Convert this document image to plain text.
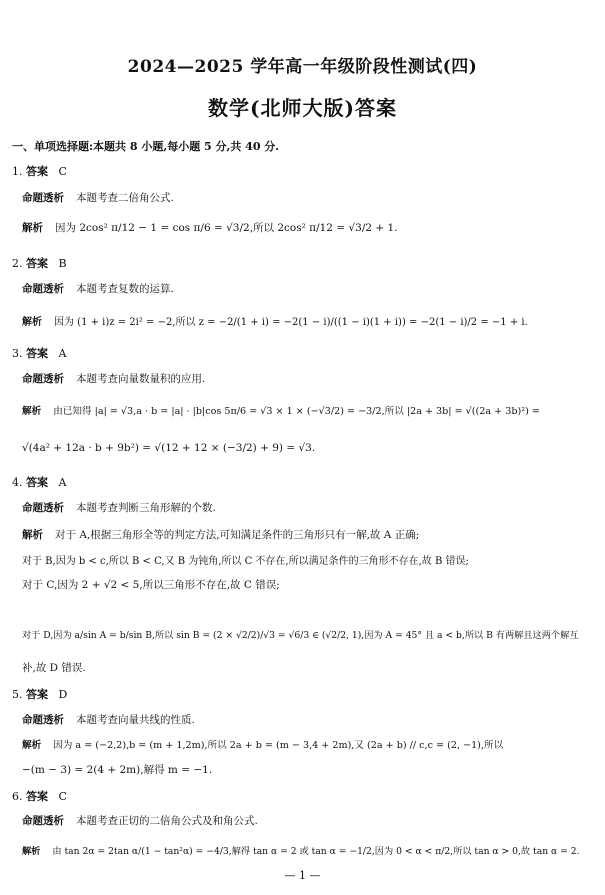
2024—2025 学年高一年级阶段性测试(四)
数学(北师大版)答案
一、单项选择题:本题共 8 小题,每小题 5 分,共 40 分.
1. 答案 C
命题透析 本题考查二倍角公式.
解析 因为 2cos² π/12 − 1 = cos π/6 = √3/2,所以 2cos² π/12 = √3/2 + 1.
2. 答案 B
命题透析 本题考查复数的运算.
解析 因为 (1 + i)z = 2i² = −2,所以 z = −2/(1 + i) = −2(1 − i)/((1 − i)(1 + i)) = −2(1 − i)/2 = −1 + i.
3. 答案 A
命题透析 本题考查向量数量积的应用.
解析 由已知得 |a| = √3,a · b = |a| · |b|cos 5π/6 = √3 × 1 × (−√3/2) = −3/2,所以 |2a + 3b| = √((2a + 3b)²) =
√(4a² + 12a · b + 9b²) = √(12 + 12 × (−3/2) + 9) = √3.
4. 答案 A
命题透析 本题考查判断三角形解的个数.
解析 对于 A,根据三角形全等的判定方法,可知满足条件的三角形只有一解,故 A 正确;
对于 B,因为 b < c,所以 B < C,又 B 为钝角,所以 C 不存在,所以满足条件的三角形不存在,故 B 错误;
对于 C,因为 2 + √2 < 5,所以三角形不存在,故 C 错误;
对于 D,因为 a/sin A = b/sin B,所以 sin B = (2 × √2/2)/√3 = √6/3 ∈ (√2/2, 1),因为 A = 45° 且 a < b,所以 B 有两解且这两个解互
补,故 D 错误.
5. 答案 D
命题透析 本题考查向量共线的性质.
解析 因为 a = (−2,2),b = (m + 1,2m),所以 2a + b = (m − 3,4 + 2m),又 (2a + b) // c,c = (2, −1),所以
−(m − 3) = 2(4 + 2m),解得 m = −1.
6. 答案 C
命题透析 本题考查正切的二倍角公式及和角公式.
解析 由 tan 2α = 2tan α/(1 − tan²α) = −4/3,解得 tan α = 2 或 tan α = −1/2,因为 0 < α < π/2,所以 tan α > 0,故 tan α = 2.
— 1 —
